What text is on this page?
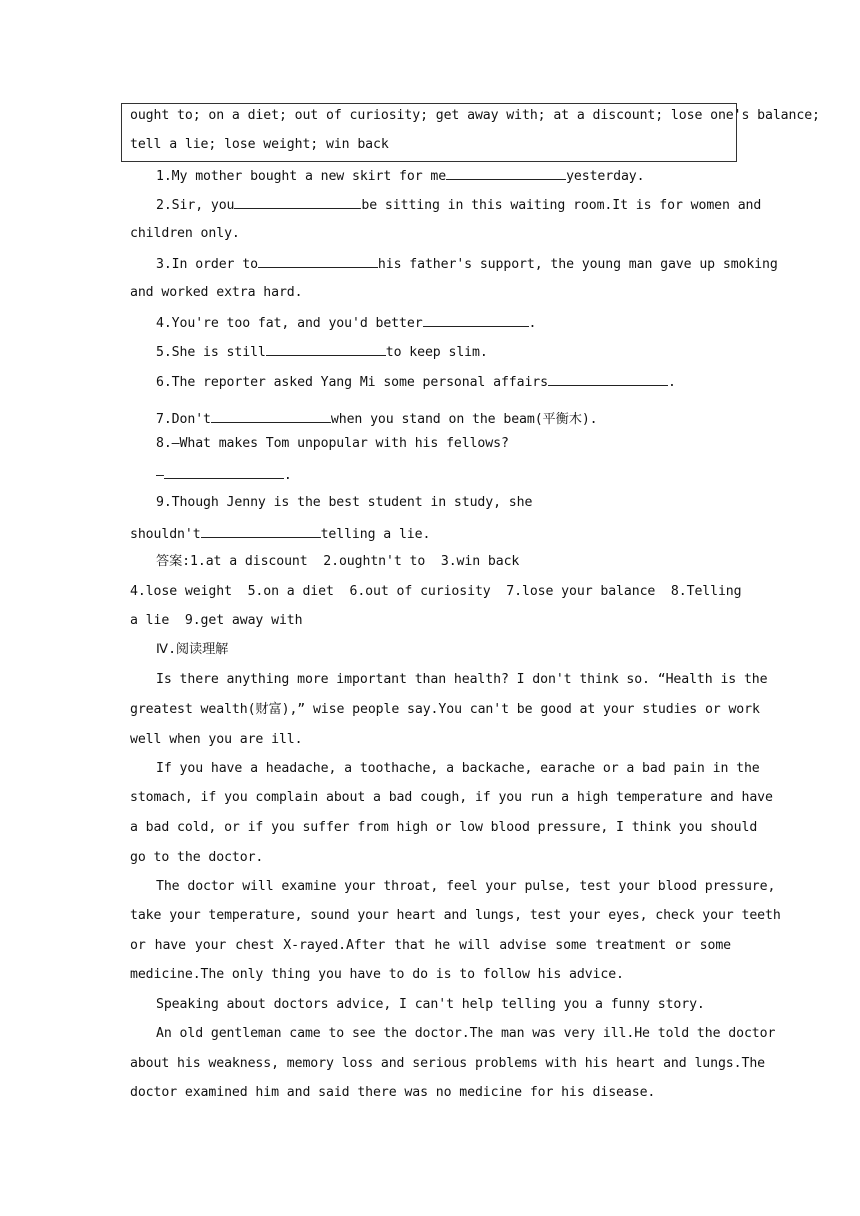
ought to; on a diet; out of curiosity; get away with; at a discount; lose one's balance;
tell a lie; lose weight; win back
1.My mother bought a new skirt for me	yesterday.
2.Sir, you	be sitting in this waiting room.It is for women and
children only.
3.In order to	his father's support, the young man gave up smoking
and worked extra hard.
4.You're too fat, and you'd better	.
5.She is still	to keep slim.
6.The reporter asked Yang Mi some personal affairs	.
7.Don't	when you stand on the beam(平衡木).
8.—What makes Tom unpopular with his fellows?
—	.
9.Though Jenny is the best student in study, she
shouldn't	telling a lie.
答案:1.at a discount  2.oughtn't to  3.win back
4.lose weight  5.on a diet  6.out of curiosity  7.lose your balance  8.Telling
a lie  9.get away with
Ⅳ.阅读理解
Is there anything more important than health? I don't think so. “Health is the
greatest wealth(财富),” wise people say.You can't be good at your studies or work
well when you are ill.
If you have a headache, a toothache, a backache, earache or a bad pain in the
stomach, if you complain about a bad cough, if you run a high temperature and have
a bad cold, or if you suffer from high or low blood pressure, I think you should
go to the doctor.
The doctor will examine your throat, feel your pulse, test your blood pressure,
take your temperature, sound your heart and lungs, test your eyes, check your teeth
or have your chest X-rayed.After that he will advise some treatment or some
medicine.The only thing you have to do is to follow his advice.
Speaking about doctors advice, I can't help telling you a funny story.
An old gentleman came to see the doctor.The man was very ill.He told the doctor
about his weakness, memory loss and serious problems with his heart and lungs.The
doctor examined him and said there was no medicine for his disease.
